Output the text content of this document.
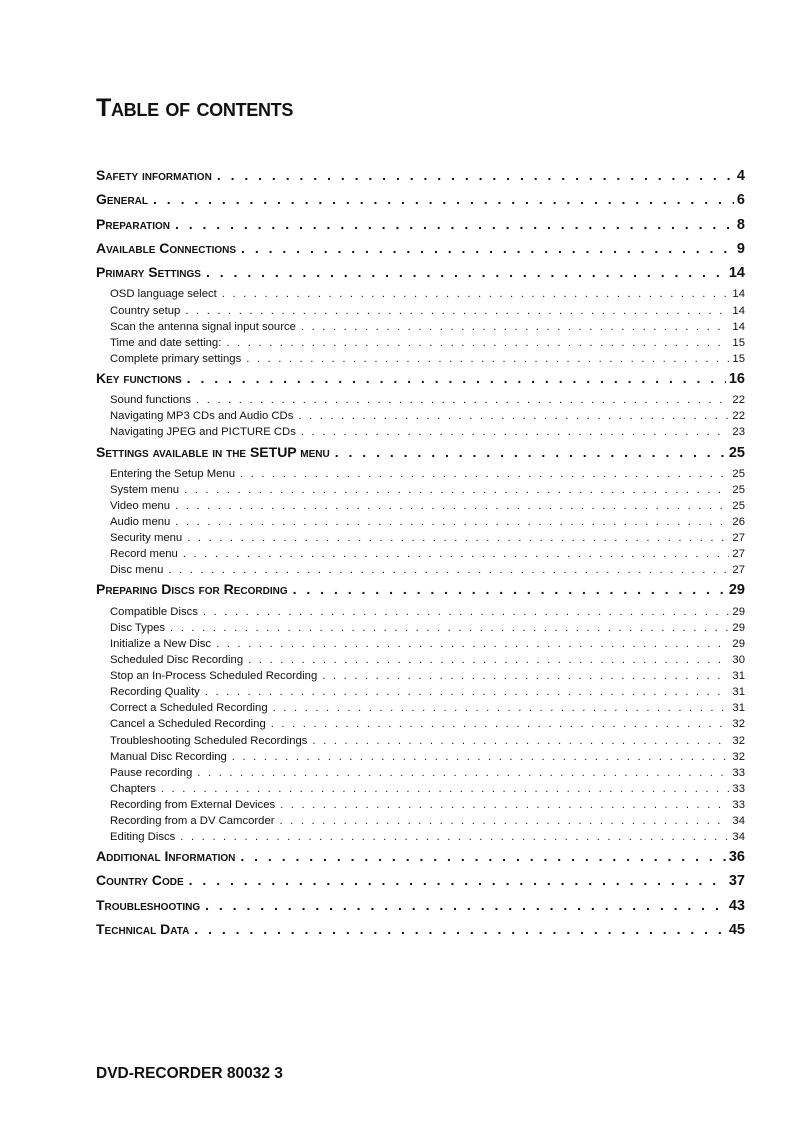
Table of contents
Safety information . . .	4
General . . .	6
Preparation . . .	8
Available Connections . . .	9
Primary Settings . . .	14
OSD language select . . .	14
Country setup . . .	14
Scan the antenna signal input source . . .	14
Time and date setting: . . .	15
Complete primary settings . . .	15
Key functions . . .	16
Sound functions . . .	22
Navigating MP3 CDs and Audio CDs . . .	22
Navigating JPEG and PICTURE CDs . . .	23
Settings available in the SETUP menu . . .	25
Entering the Setup Menu . . .	25
System menu . . .	25
Video menu . . .	25
Audio menu . . .	26
Security menu . . .	27
Record menu . . .	27
Disc menu . . .	27
Preparing Discs for Recording . . .	29
Compatible Discs . . .	29
Disc Types . . .	29
Initialize a New Disc . . .	29
Scheduled Disc Recording . . .	30
Stop an In-Process Scheduled Recording . . .	31
Recording Quality . . .	31
Correct a Scheduled Recording . . .	31
Cancel a Scheduled Recording . . .	32
Troubleshooting Scheduled Recordings . . .	32
Manual Disc Recording . . .	32
Pause recording . . .	33
Chapters . . .	33
Recording from External Devices . . .	33
Recording from a DV Camcorder . . .	34
Editing Discs . . .	34
Additional Information . . .	36
Country Code . . .	37
Troubleshooting . . .	43
Technical Data . . .	45

DVD-RECORDER 80032 3
